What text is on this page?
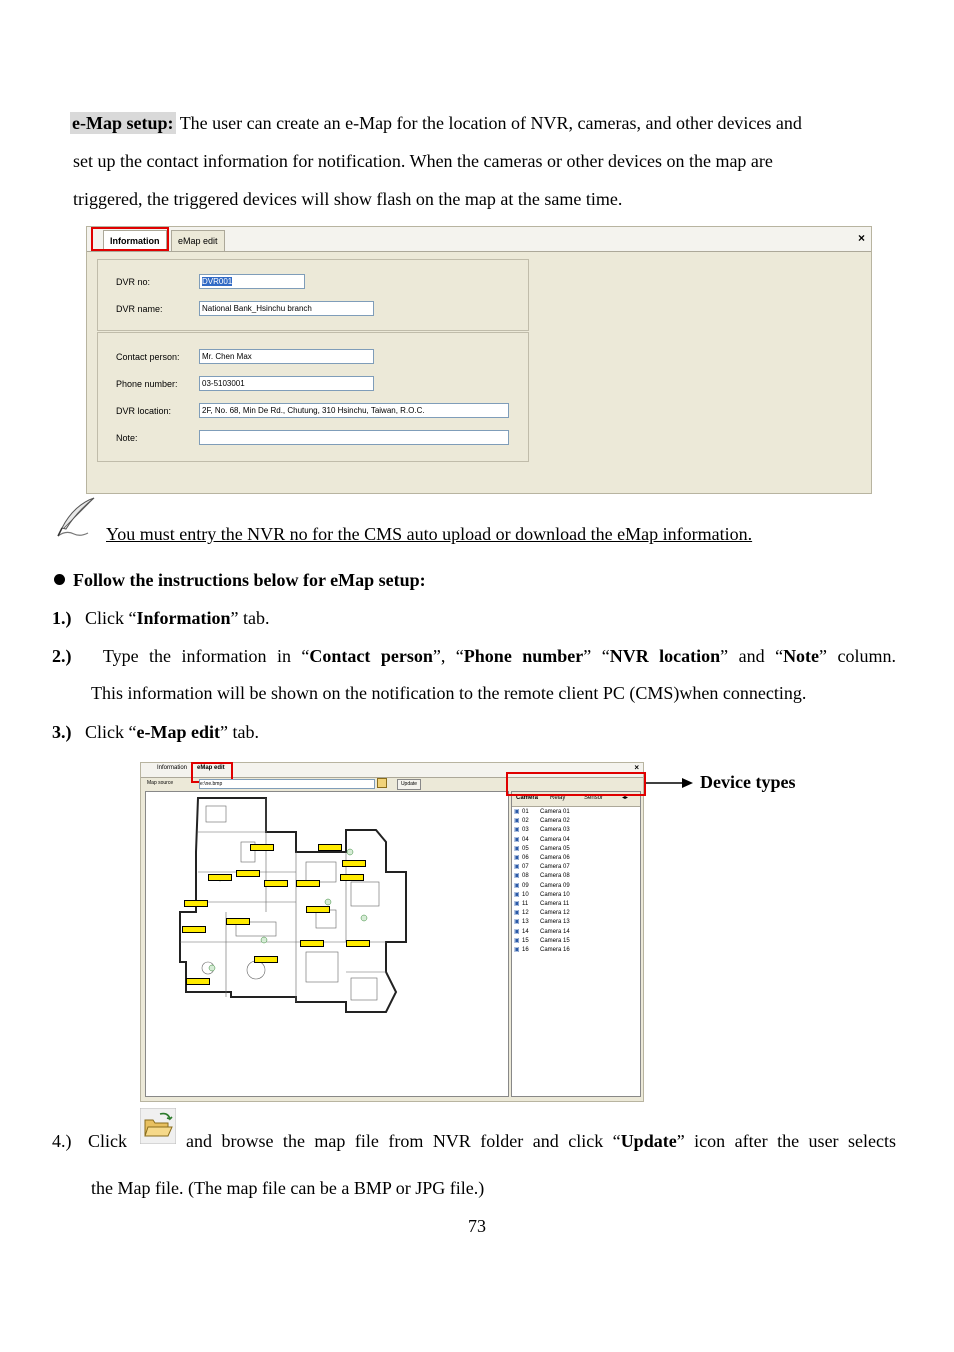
e-Map setup: The user can create an e-Map for the location of NVR, cameras, and other devices and
set up the contact information for notification. When the cameras or other devices on the map are
triggered, the triggered devices will show flash on the map at the same time.
Information	eMap edit	×
DVR no:	DVR001
DVR name:	National Bank_Hsinchu branch
Contact person:	Mr. Chen Max
Phone number:	03-5103001
DVR location:	2F, No. 68, Min De Rd., Chutung, 310 Hsinchu, Taiwan, R.O.C.
Note:
You must entry the NVR no for the CMS auto upload or download the eMap information.
Follow the instructions below for eMap setup:
1.) Click “Information” tab.
2.) Type the information in “Contact person”, “Phone number” “NVR location” and “Note” column.
This information will be shown on the notification to the remote client PC (CMS)when connecting.
3.) Click “e-Map edit” tab.
Information eMap edit	×
Map source	e:\ne.bmp	Update
Camera Relay	Sensor	◂▸
▣ 01	Camera 01
▣ 02	Camera 02
▣ 03	Camera 03
▣ 04	Camera 04
▣ 05	Camera 05
▣ 06	Camera 06
▣ 07	Camera 07
▣ 08	Camera 08
▣ 09	Camera 09
▣ 10	Camera 10
▣ 11	Camera 11
▣ 12	Camera 12
▣ 13	Camera 13
▣ 14	Camera 14
▣ 15	Camera 15
▣ 16	Camera 16
Device types
4.) Click	and browse the map file from NVR folder and click “Update” icon after the user selects
the Map file. (The map file can be a BMP or JPG file.)
73
